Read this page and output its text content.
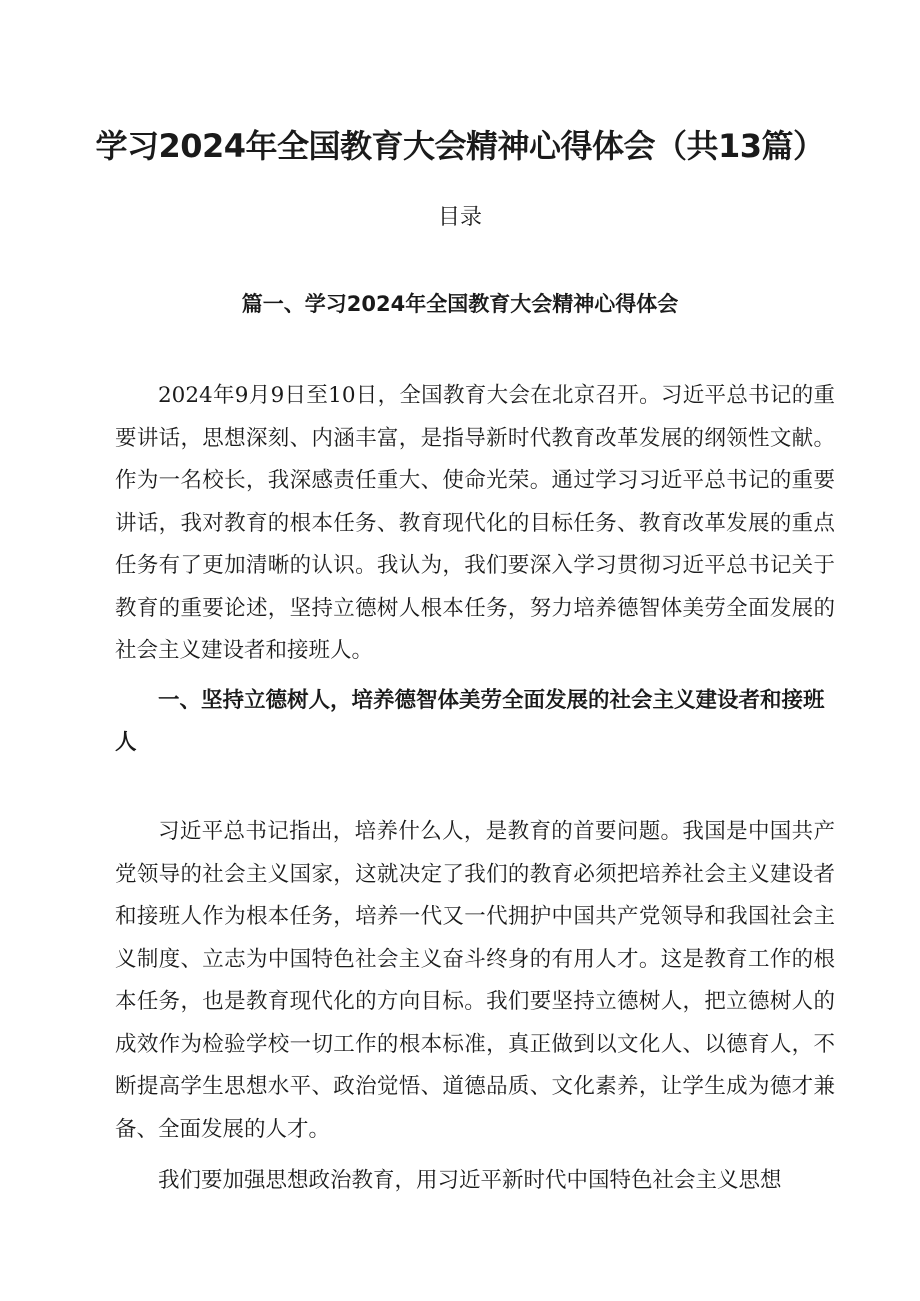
学习2024年全国教育大会精神心得体会（共13篇）
目录
篇一、学习2024年全国教育大会精神心得体会

2024年9月9日至10日，全国教育大会在北京召开。习近平总书记的重要讲话，思想深刻、内涵丰富，是指导新时代教育改革发展的纲领性文献。作为一名校长，我深感责任重大、使命光荣。通过学习习近平总书记的重要讲话，我对教育的根本任务、教育现代化的目标任务、教育改革发展的重点任务有了更加清晰的认识。我认为，我们要深入学习贯彻习近平总书记关于教育的重要论述，坚持立德树人根本任务，努力培养德智体美劳全面发展的社会主义建设者和接班人。

一、坚持立德树人，培养德智体美劳全面发展的社会主义建设者和接班人

习近平总书记指出，培养什么人，是教育的首要问题。我国是中国共产党领导的社会主义国家，这就决定了我们的教育必须把培养社会主义建设者和接班人作为根本任务，培养一代又一代拥护中国共产党领导和我国社会主义制度、立志为中国特色社会主义奋斗终身的有用人才。这是教育工作的根本任务，也是教育现代化的方向目标。我们要坚持立德树人，把立德树人的成效作为检验学校一切工作的根本标准，真正做到以文化人、以德育人，不断提高学生思想水平、政治觉悟、道德品质、文化素养，让学生成为德才兼备、全面发展的人才。

我们要加强思想政治教育，用习近平新时代中国特色社会主义思想
